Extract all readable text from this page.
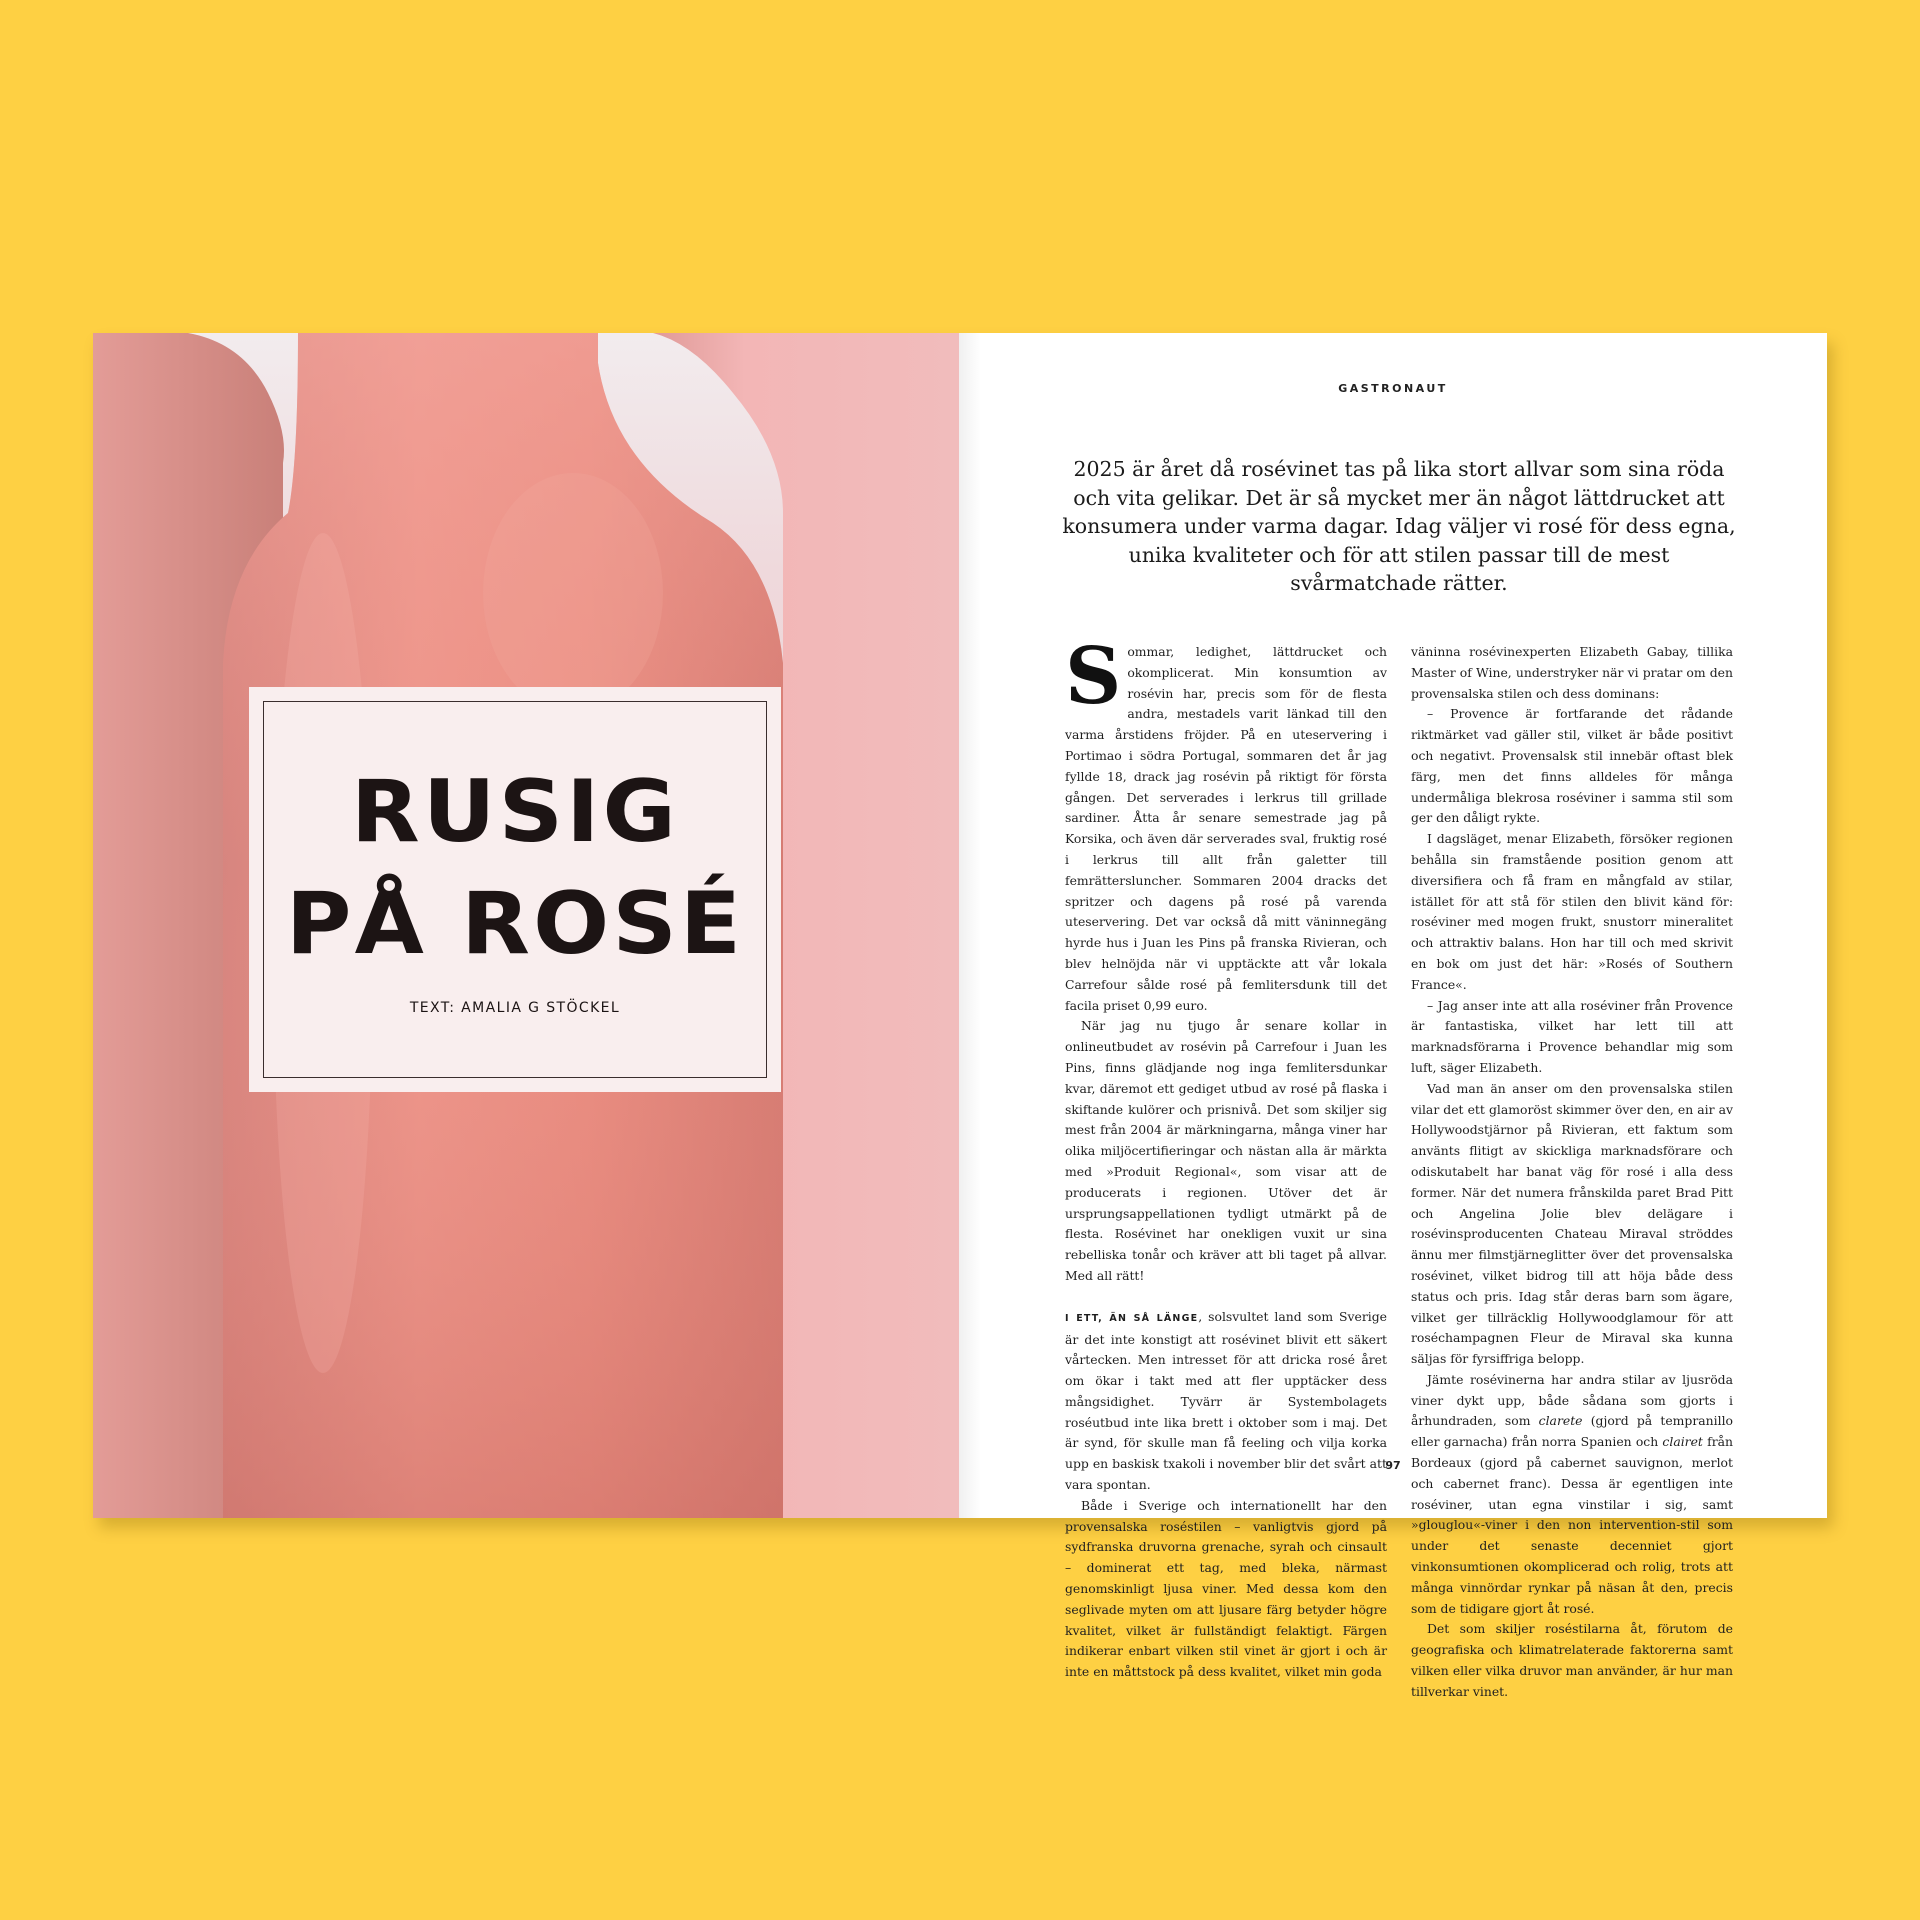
RUSIG
PÅ ROSÉ
TEXT: AMALIA G STÖCKEL
GASTRONAUT
2025 är året då rosévinet tas på lika stort allvar som sina röda och vita gelikar. Det är så mycket mer än något lättdrucket att konsumera under varma dagar. Idag väljer vi rosé för dess egna, unika kvaliteter och för att stilen passar till de mest svårmatchade rätter.

Sommar, ledighet, lättdrucket och okomplicerat. Min konsumtion av rosévin har, precis som för de flesta andra, mestadels varit länkad till den varma årstidens fröjder. På en uteservering i Portimao i södra Portugal, sommaren det år jag fyllde 18, drack jag rosévin på riktigt för första gången. Det serverades i lerkrus till grillade sardiner. Åtta år senare semestrade jag på Korsika, och även där serverades sval, fruktig rosé i lerkrus till allt från galetter till femrättersluncher. Sommaren 2004 dracks det spritzer och dagens på rosé på varenda uteservering. Det var också då mitt väninnegäng hyrde hus i Juan les Pins på franska Rivieran, och blev helnöjda när vi upptäckte att vår lokala Carrefour sålde rosé på femlitersdunk till det facila priset 0,99 euro.

När jag nu tjugo år senare kollar in onlineutbudet av rosévin på Carrefour i Juan les Pins, finns glädjande nog inga femlitersdunkar kvar, däremot ett gediget utbud av rosé på flaska i skiftande kulörer och prisnivå. Det som skiljer sig mest från 2004 är märkningarna, många viner har olika miljöcertifieringar och nästan alla är märkta med »Produit Regional«, som visar att de producerats i regionen. Utöver det är ursprungsappellationen tydligt utmärkt på de flesta. Rosévinet har onekligen vuxit ur sina rebelliska tonår och kräver att bli taget på allvar. Med all rätt!

I ETT, ÄN SÅ LÄNGE, solsvultet land som Sverige är det inte konstigt att rosévinet blivit ett säkert vårtecken. Men intresset för att dricka rosé året om ökar i takt med att fler upptäcker dess mångsidighet. Tyvärr är Systembolagets roséutbud inte lika brett i oktober som i maj. Det är synd, för skulle man få feeling och vilja korka upp en baskisk txakoli i november blir det svårt att vara spontan.

Både i Sverige och internationellt har den provensalska roséstilen – vanligtvis gjord på sydfranska druvorna grenache, syrah och cinsault – dominerat ett tag, med bleka, närmast genomskinligt ljusa viner. Med dessa kom den seglivade myten om att ljusare färg betyder högre kvalitet, vilket är fullständigt felaktigt. Färgen indikerar enbart vilken stil vinet är gjort i och är inte en måttstock på dess kvalitet, vilket min goda

väninna rosévinexperten Elizabeth Gabay, tillika Master of Wine, understryker när vi pratar om den provensalska stilen och dess dominans:

– Provence är fortfarande det rådande riktmärket vad gäller stil, vilket är både positivt och negativt. Provensalsk stil innebär oftast blek färg, men det finns alldeles för många undermåliga blekrosa roséviner i samma stil som ger den dåligt rykte.

I dagsläget, menar Elizabeth, försöker regionen behålla sin framstående position genom att diversifiera och få fram en mångfald av stilar, istället för att stå för stilen den blivit känd för: roséviner med mogen frukt, snustorr mineralitet och attraktiv balans. Hon har till och med skrivit en bok om just det här: »Rosés of Southern France«.

– Jag anser inte att alla roséviner från Provence är fantastiska, vilket har lett till att marknadsförarna i Provence behandlar mig som luft, säger Elizabeth.

Vad man än anser om den provensalska stilen vilar det ett glamoröst skimmer över den, en air av Hollywoodstjärnor på Rivieran, ett faktum som använts flitigt av skickliga marknadsförare och odiskutabelt har banat väg för rosé i alla dess former. När det numera frånskilda paret Brad Pitt och Angelina Jolie blev delägare i rosévinsproducenten Chateau Miraval ströddes ännu mer filmstjärneglitter över det provensalska rosévinet, vilket bidrog till att höja både dess status och pris. Idag står deras barn som ägare, vilket ger tillräcklig Hollywoodglamour för att roséchampagnen Fleur de Miraval ska kunna säljas för fyrsiffriga belopp.

Jämte rosévinerna har andra stilar av ljusröda viner dykt upp, både sådana som gjorts i århundraden, som clarete (gjord på tempranillo eller garnacha) från norra Spanien och clairet från Bordeaux (gjord på cabernet sauvignon, merlot och cabernet franc). Dessa är egentligen inte roséviner, utan egna vinstilar i sig, samt »glouglou«-viner i den non intervention-stil som under det senaste decenniet gjort vinkonsumtionen okomplicerad och rolig, trots att många vinnördar rynkar på näsan åt den, precis som de tidigare gjort åt rosé.

Det som skiljer roséstilarna åt, förutom de geografiska och klimatrelaterade faktorerna samt vilken eller vilka druvor man använder, är hur man tillverkar vinet.

97
